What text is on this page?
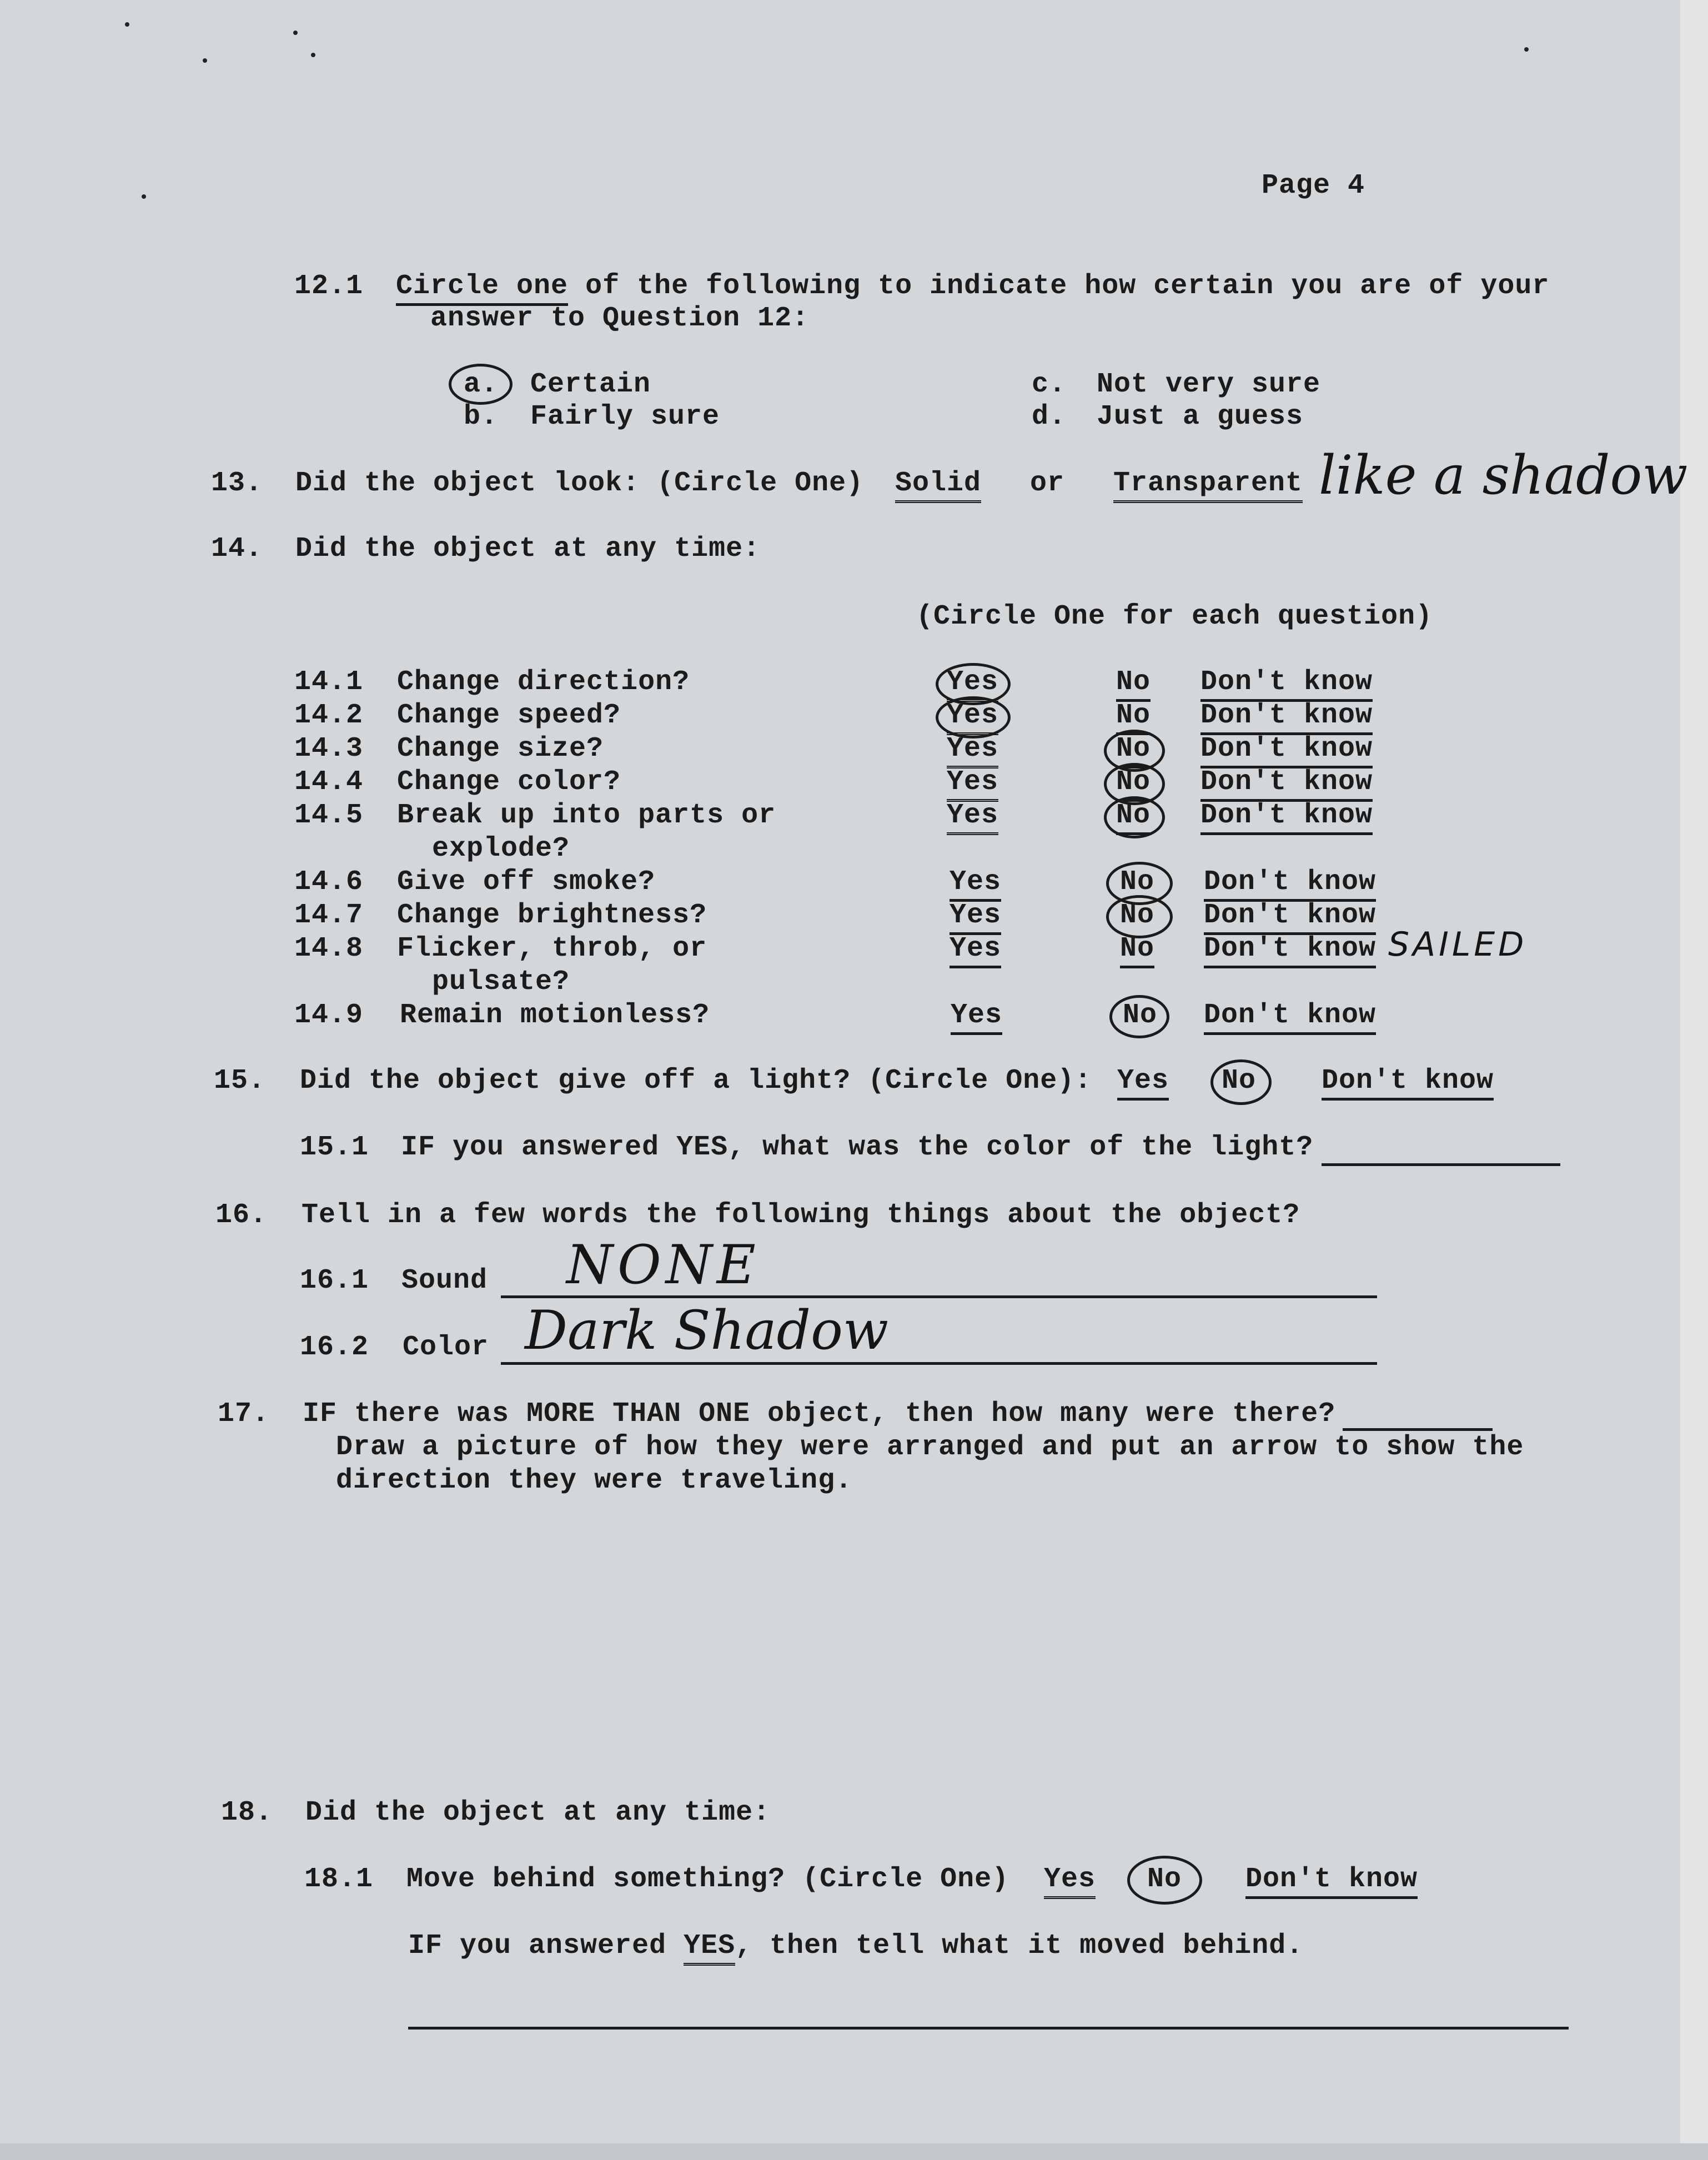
Page 4
12.1 Circle one of the following to indicate how certain you are of your
answer to Question 12:
a. Certain
b. Fairly sure
c. Not very sure
d. Just a guess
13. Did the object look: (Circle One) Solid or Transparent like a shadow
14. Did the object at any time:
(Circle One for each question)
14.1 Change direction?	Yes	No Don't know
14.2 Change speed?	Yes	No Don't know
14.3 Change size?	Yes	No Don't know
14.4 Change color?	Yes	No Don't know
14.5 Break up into parts or
explode?
Yes	No Don't know
14.6 Give off smoke?	Yes	No Don't know
14.7 Change brightness?	Yes	No Don't know
14.8 Flicker, throb, or
pulsate?
Yes	No Don't know SAILED
14.9 Remain motionless?	Yes	No Don't know
15. Did the object give off a light? (Circle One): Yes No Don't know
15.1 IF you answered YES, what was the color of the light?
16. Tell in a few words the following things about the object?
16.1 Sound NONE
16.2 Color Dark Shadow
17. IF there was MORE THAN ONE object, then how many were there?
Draw a picture of how they were arranged and put an arrow to show the
direction they were traveling.
18. Did the object at any time:
18.1 Move behind something? (Circle One) Yes No Don't know
IF you answered YES, then tell what it moved behind.
